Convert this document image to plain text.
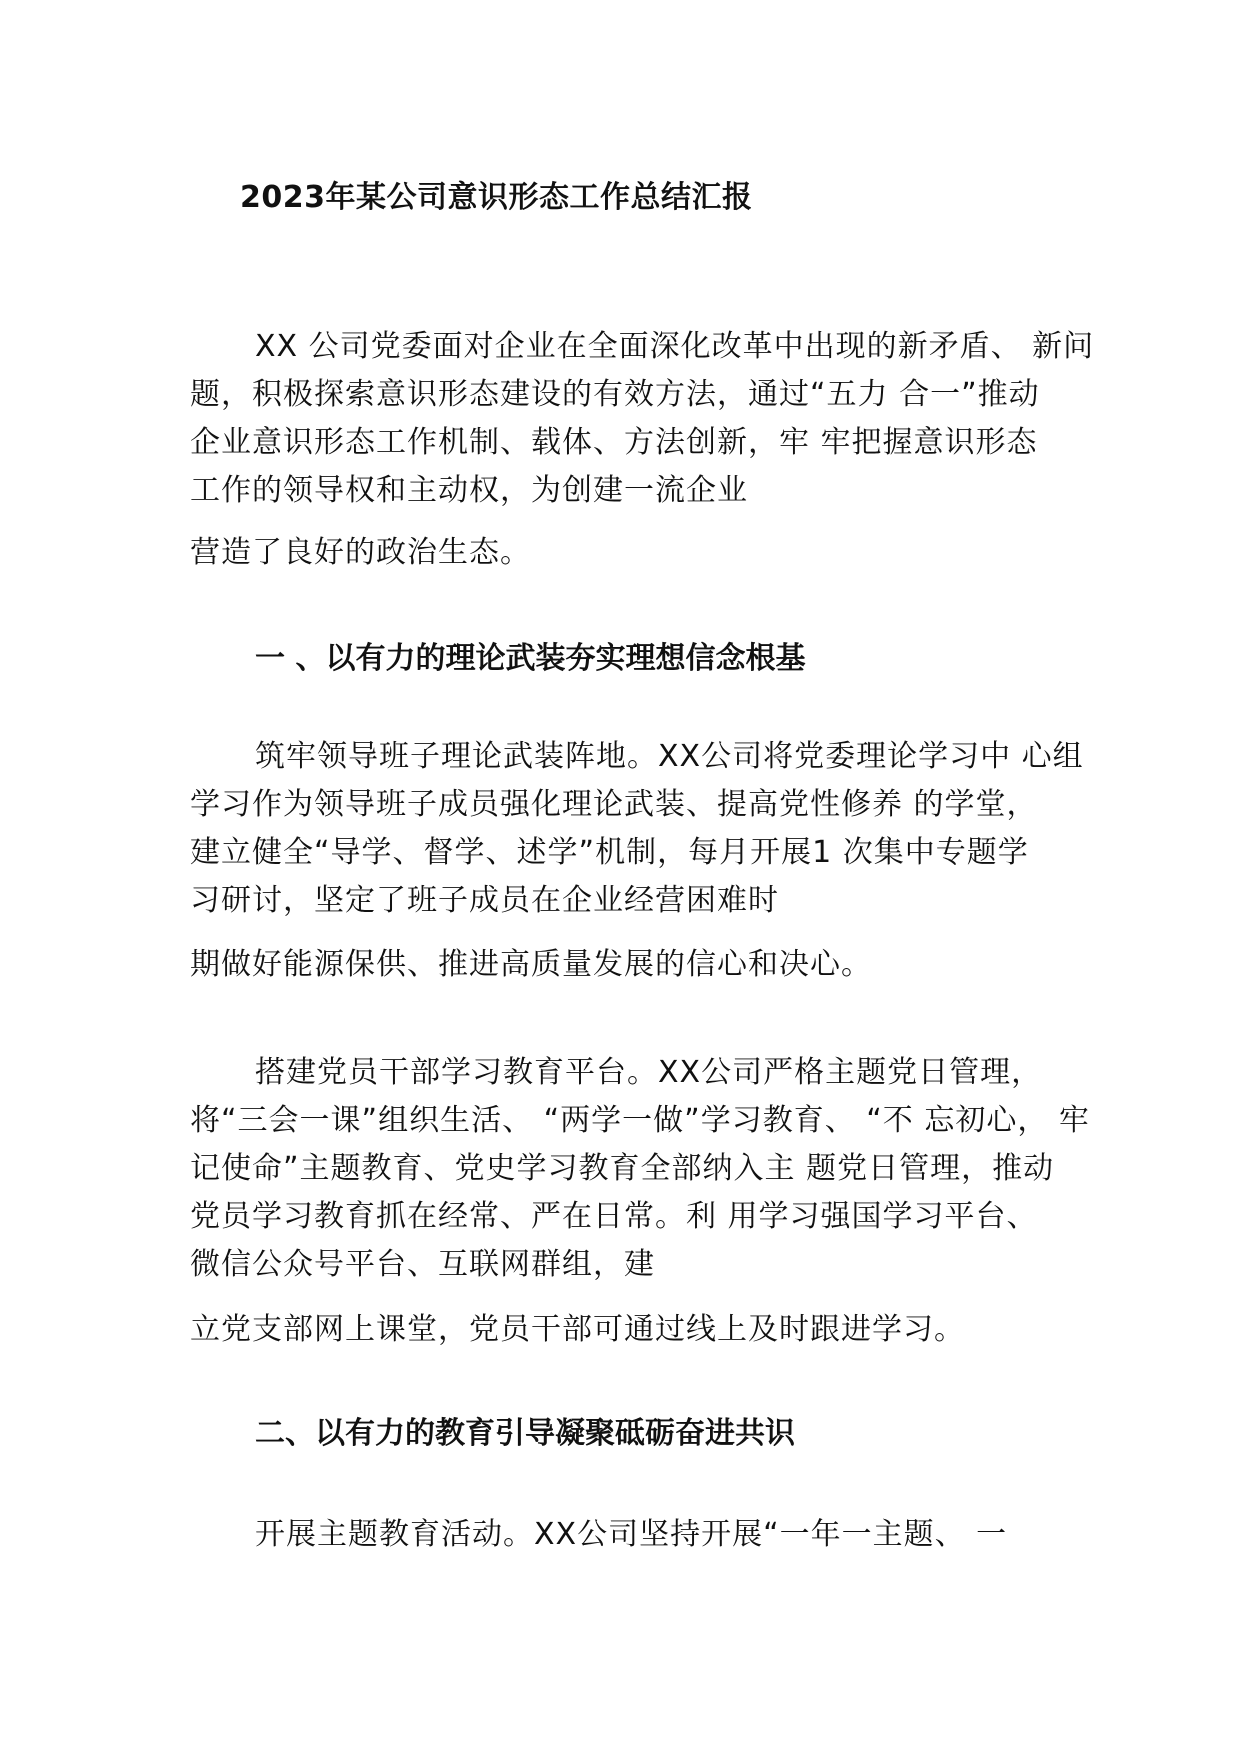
2023年某公司意识形态工作总结汇报
XX 公司党委面对企业在全面深化改革中出现的新矛盾、 新问
题，积极探索意识形态建设的有效方法，通过“五力 合一”推动
企业意识形态工作机制、载体、方法创新，牢 牢把握意识形态
工作的领导权和主动权，为创建一流企业
营造了良好的政治生态。
一 、以有力的理论武装夯实理想信念根基
筑牢领导班子理论武装阵地。XX公司将党委理论学习中 心组
学习作为领导班子成员强化理论武装、提高党性修养 的学堂，
建立健全“导学、督学、述学”机制，每月开展1 次集中专题学
习研讨，坚定了班子成员在企业经营困难时
期做好能源保供、推进高质量发展的信心和决心。
搭建党员干部学习教育平台。XX公司严格主题党日管理，
将“三会一课”组织生活、 “两学一做”学习教育、 “不 忘初心， 牢
记使命”主题教育、党史学习教育全部纳入主 题党日管理，推动
党员学习教育抓在经常、严在日常。利 用学习强国学习平台、
微信公众号平台、互联网群组，建
立党支部网上课堂，党员干部可通过线上及时跟进学习。
二、以有力的教育引导凝聚砥砺奋进共识
开展主题教育活动。XX公司坚持开展“一年一主题、 一
